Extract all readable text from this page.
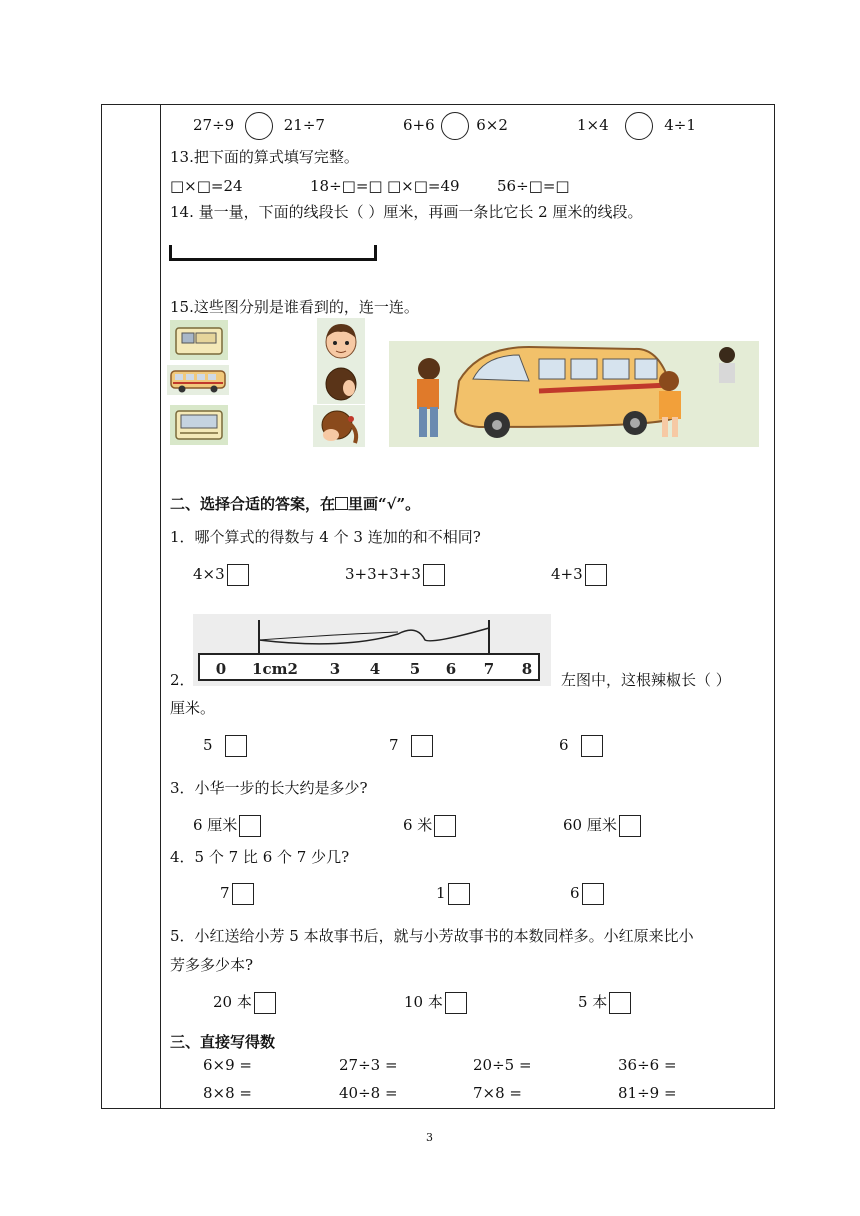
27÷9	21÷7	6+6	6×2	1×4	4÷1
13.把下面的算式填写完整。
□×□=24	18÷□=□ □×□=49 56÷□=□
14. 量一量，下面的线段长（ ）厘米，再画一条比它长 2 厘米的线段。
15.这些图分别是谁看到的，连一连。
二、选择合适的答案，在 里画“√”。
1．哪个算式的得数与 4 个 3 连加的和不相同?
4×3	3+3+3+3	4+3
0 1cm2 3 4 5 6 7 8
2．	左图中，这根辣椒长（ ）
厘米。
5	7	6
3．小华一步的长大约是多少?
6 厘米	6 米	60 厘米
4．5 个 7 比 6 个 7 少几?
7	1	6
5．小红送给小芳 5 本故事书后，就与小芳故事书的本数同样多。小红原来比小
芳多多少本?
20 本	10 本	5 本
三、直接写得数
6×9 =	27÷3 =	20÷5 =	36÷6 =
8×8 =	40÷8 =	7×8 =	81÷9 =
3
